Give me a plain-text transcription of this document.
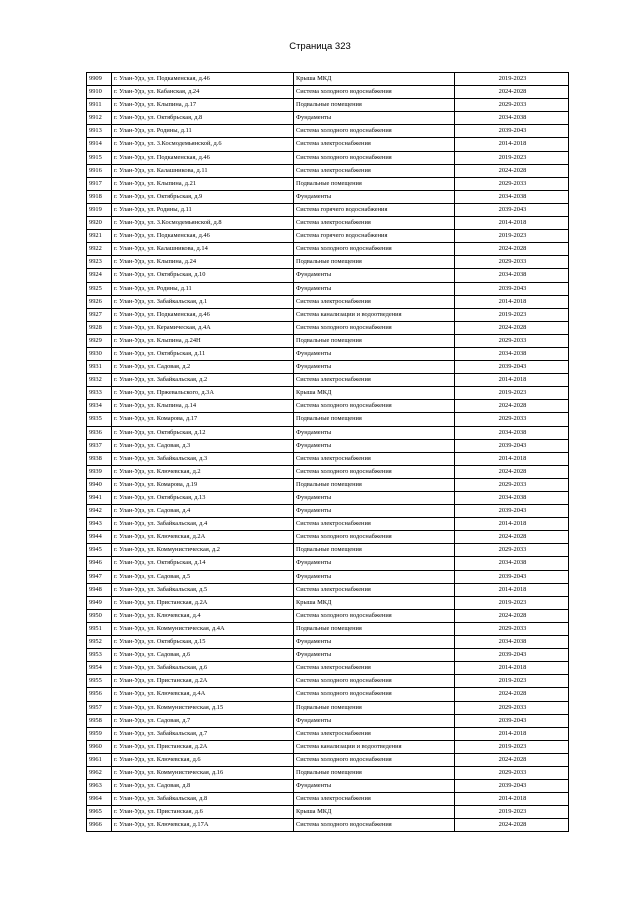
Страница 323
9909	г. Улан-Удэ, ул. Подкаменская, д.46	Крыша МКД	2019-2023
9910	г. Улан-Удэ, ул. Кабанская, д.24	Система холодного водоснабжения	2024-2028
9911	г. Улан-Удэ, ул. Клыпина, д.17	Подвальные помещения	2029-2033
9912	г. Улан-Удэ, ул. Октябрьская, д.8	Фундаменты	2034-2038
9913	г. Улан-Удэ, ул. Родины, д.11	Система холодного водоснабжения	2039-2043
9914	г. Улан-Удэ, ул. 3.Космодемьянской, д.6	Система электроснабжения	2014-2018
9915	г. Улан-Удэ, ул. Подкаменская, д.46	Система холодного водоснабжения	2019-2023
9916	г. Улан-Удэ, ул. Калашникова, д.11	Система электроснабжения	2024-2028
9917	г. Улан-Удэ, ул. Клыпина, д.21	Подвальные помещения	2029-2033
9918	г. Улан-Удэ, ул. Октябрьская, д.9	Фундаменты	2034-2038
9919	г. Улан-Удэ, ул. Родины, д.11	Система горячего водоснабжения	2039-2043
9920	г. Улан-Удэ, ул. 3.Космодемьянской, д.8	Система электроснабжения	2014-2018
9921	г. Улан-Удэ, ул. Подкаменская, д.46	Система горячего водоснабжения	2019-2023
9922	г. Улан-Удэ, ул. Калашникова, д.14	Система холодного водоснабжения	2024-2028
9923	г. Улан-Удэ, ул. Клыпина, д.24	Подвальные помещения	2029-2033
9924	г. Улан-Удэ, ул. Октябрьская, д.10	Фундаменты	2034-2038
9925	г. Улан-Удэ, ул. Родины, д.11	Фундаменты	2039-2043
9926	г. Улан-Удэ, ул. Забайкальская, д.1	Система электроснабжения	2014-2018
9927	г. Улан-Удэ, ул. Подкаменская, д.46	Система канализации и водоотведения	2019-2023
9928	г. Улан-Удэ, ул. Керамическая, д.4А	Система холодного водоснабжения	2024-2028
9929	г. Улан-Удэ, ул. Клыпина, д.24Н	Подвальные помещения	2029-2033
9930	г. Улан-Удэ, ул. Октябрьская, д.11	Фундаменты	2034-2038
9931	г. Улан-Удэ, ул. Садовая, д.2	Фундаменты	2039-2043
9932	г. Улан-Удэ, ул. Забайкальская, д.2	Система электроснабжения	2014-2018
9933	г. Улан-Удэ, ул. Пржевальского, д.3А	Крыша МКД	2019-2023
9934	г. Улан-Удэ, ул. Клыпина, д.14	Система холодного водоснабжения	2024-2028
9935	г. Улан-Удэ, ул. Комарова, д.17	Подвальные помещения	2029-2033
9936	г. Улан-Удэ, ул. Октябрьская, д.12	Фундаменты	2034-2038
9937	г. Улан-Удэ, ул. Садовая, д.3	Фундаменты	2039-2043
9938	г. Улан-Удэ, ул. Забайкальская, д.3	Система электроснабжения	2014-2018
9939	г. Улан-Удэ, ул. Ключевская, д.2	Система холодного водоснабжения	2024-2028
9940	г. Улан-Удэ, ул. Комарова, д.19	Подвальные помещения	2029-2033
9941	г. Улан-Удэ, ул. Октябрьская, д.13	Фундаменты	2034-2038
9942	г. Улан-Удэ, ул. Садовая, д.4	Фундаменты	2039-2043
9943	г. Улан-Удэ, ул. Забайкальская, д.4	Система электроснабжения	2014-2018
9944	г. Улан-Удэ, ул. Ключевская, д.2А	Система холодного водоснабжения	2024-2028
9945	г. Улан-Удэ, ул. Коммунистическая, д.2	Подвальные помещения	2029-2033
9946	г. Улан-Удэ, ул. Октябрьская, д.14	Фундаменты	2034-2038
9947	г. Улан-Удэ, ул. Садовая, д.5	Фундаменты	2039-2043
9948	г. Улан-Удэ, ул. Забайкальская, д.5	Система электроснабжения	2014-2018
9949	г. Улан-Удэ, ул. Пристанская, д.2А	Крыша МКД	2019-2023
9950	г. Улан-Удэ, ул. Ключевская, д.4	Система холодного водоснабжения	2024-2028
9951	г. Улан-Удэ, ул. Коммунистическая, д.4А	Подвальные помещения	2029-2033
9952	г. Улан-Удэ, ул. Октябрьская, д.15	Фундаменты	2034-2038
9953	г. Улан-Удэ, ул. Садовая, д.6	Фундаменты	2039-2043
9954	г. Улан-Удэ, ул. Забайкальская, д.6	Система электроснабжения	2014-2018
9955	г. Улан-Удэ, ул. Пристанская, д.2А	Система холодного водоснабжения	2019-2023
9956	г. Улан-Удэ, ул. Ключевская, д.4А	Система холодного водоснабжения	2024-2028
9957	г. Улан-Удэ, ул. Коммунистическая, д.15	Подвальные помещения	2029-2033
9958	г. Улан-Удэ, ул. Садовая, д.7	Фундаменты	2039-2043
9959	г. Улан-Удэ, ул. Забайкальская, д.7	Система электроснабжения	2014-2018
9960	г. Улан-Удэ, ул. Пристанская, д.2А	Система канализации и водоотведения	2019-2023
9961	г. Улан-Удэ, ул. Ключевская, д.6	Система холодного водоснабжения	2024-2028
9962	г. Улан-Удэ, ул. Коммунистическая, д.16	Подвальные помещения	2029-2033
9963	г. Улан-Удэ, ул. Садовая, д.8	Фундаменты	2039-2043
9964	г. Улан-Удэ, ул. Забайкальская, д.8	Система электроснабжения	2014-2018
9965	г. Улан-Удэ, ул. Пристанская, д.6	Крыша МКД	2019-2023
9966	г. Улан-Удэ, ул. Ключевская, д.17А	Система холодного водоснабжения	2024-2028
